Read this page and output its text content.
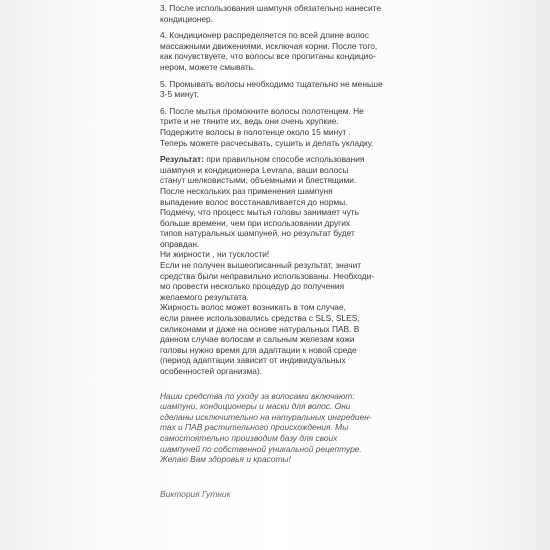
3. После использования шампуня обязательно нанесите
кондиционер.
4. Кондиционер распределяется по всей длине волос
массажными движениями, исключая корни. После того,
как почувствуете, что волосы все пропитаны кондицио-
нером, можете смывать.
5. Промывать волосы необходимо тщательно не меньше
3-5 минут.
6. После мытья промокните волосы полотенцем. Не
трите и не тяните их, ведь они очень хрупкие.
Подержите волосы в полотенце около 15 минут .
Теперь можете расчесывать, сушить и делать укладку.
Результат: при правильном способе использования
шампуня и кондиционера Levrana, ваши волосы
станут шелковистыми, объемными и блестящими.
После нескольких раз применения шампуня
выпадение волос восстанавливается до нормы.
Подмечу, что процесс мытья головы занимает чуть
больше времени, чем при использовании других
типов натуральных шампуней, но результат будет
оправдан.
Ни жирности , ни тусклости!
Если не получен вышеописанный результат, значит
средства были неправильно использованы. Необходи-
мо провести несколько процедур до получения
желаемого результата.
Жирность волос может возникать в том случае,
если ранее использовались средства с SLS, SLES,
силиконами и даже на основе натуральных ПАВ. В
данном случае волосам и сальным железам кожи
головы нужно время для адаптации к новой среде
(период адаптации зависит от индивидуальных
особенностей организма).
Наши средства по уходу за волосами включают:
шампуни, кондиционеры и маски для волос. Они
сделаны исключительно на натуральных ингредиен-
тах и ПАВ растительного происхождения. Мы
самостоятельно производим базу для своих
шампуней по собственной уникальной рецептуре.
Желаю Вам здоровья и красоты!
Виктория Гутник
